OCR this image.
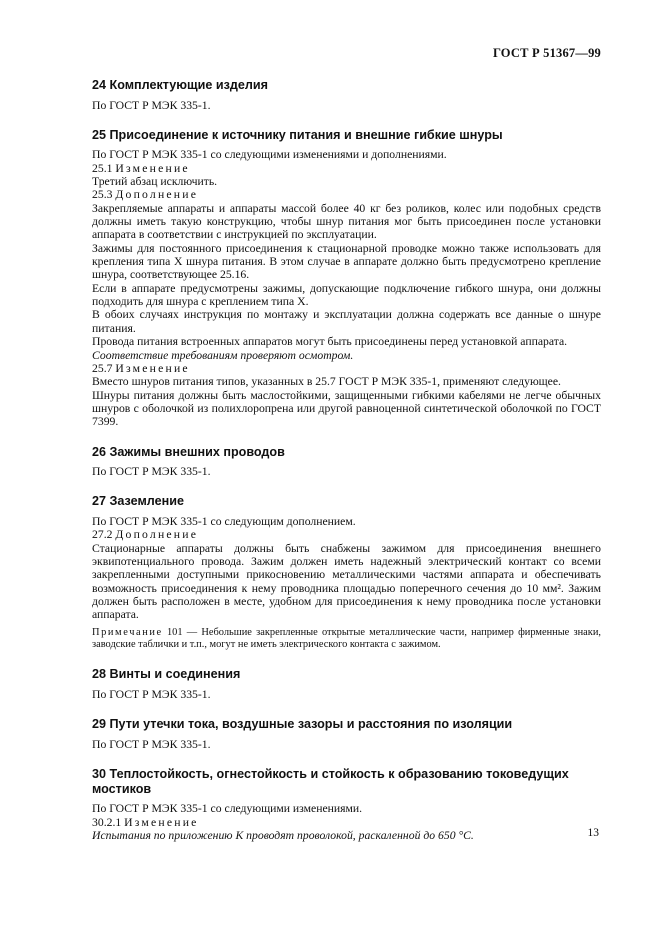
ГОСТ Р 51367—99
24 Комплектующие изделия

По ГОСТ Р МЭК 335-1.

25 Присоединение к источнику питания и внешние гибкие шнуры

По ГОСТ Р МЭК 335-1 со следующими изменениями и дополнениями.

25.1 Изменение

Третий абзац исключить.

25.3 Дополнение

Закрепляемые аппараты и аппараты массой более 40 кг без роликов, колес или подобных средств должны иметь такую конструкцию, чтобы шнур питания мог быть присоединен после установки аппарата в соответствии с инструкцией по эксплуатации.

Зажимы для постоянного присоединения к стационарной проводке можно также использовать для крепления типа X шнура питания. В этом случае в аппарате должно быть предусмотрено крепление шнура, соответствующее 25.16.

Если в аппарате предусмотрены зажимы, допускающие подключение гибкого шнура, они должны подходить для шнура с креплением типа X.

В обоих случаях инструкция по монтажу и эксплуатации должна содержать все данные о шнуре питания.

Провода питания встроенных аппаратов могут быть присоединены перед установкой аппарата.

Соответствие требованиям проверяют осмотром.

25.7 Изменение

Вместо шнуров питания типов, указанных в 25.7 ГОСТ Р МЭК 335-1, применяют следующее.

Шнуры питания должны быть маслостойкими, защищенными гибкими кабелями не легче обычных шнуров с оболочкой из полихлоропрена или другой равноценной синтетической оболочкой по ГОСТ 7399.

26 Зажимы внешних проводов

По ГОСТ Р МЭК 335-1.

27 Заземление

По ГОСТ Р МЭК 335-1 со следующим дополнением.

27.2 Дополнение

Стационарные аппараты должны быть снабжены зажимом для присоединения внешнего эквипотенциального провода. Зажим должен иметь надежный электрический контакт со всеми закрепленными доступными прикосновению металлическими частями аппарата и обеспечивать возможность присоединения к нему проводника площадью поперечного сечения до 10 мм². Зажим должен быть расположен в месте, удобном для присоединения к нему проводника после установки аппарата.

Примечание 101 — Небольшие закрепленные открытые металлические части, например фирменные знаки, заводские таблички и т.п., могут не иметь электрического контакта с зажимом.

28 Винты и соединения

По ГОСТ Р МЭК 335-1.

29 Пути утечки тока, воздушные зазоры и расстояния по изоляции

По ГОСТ Р МЭК 335-1.

30 Теплостойкость, огнестойкость и стойкость к образованию токоведущих мостиков

По ГОСТ Р МЭК 335-1 со следующими изменениями.

30.2.1 Изменение

Испытания по приложению K проводят проволокой, раскаленной до 650 °С.	13
